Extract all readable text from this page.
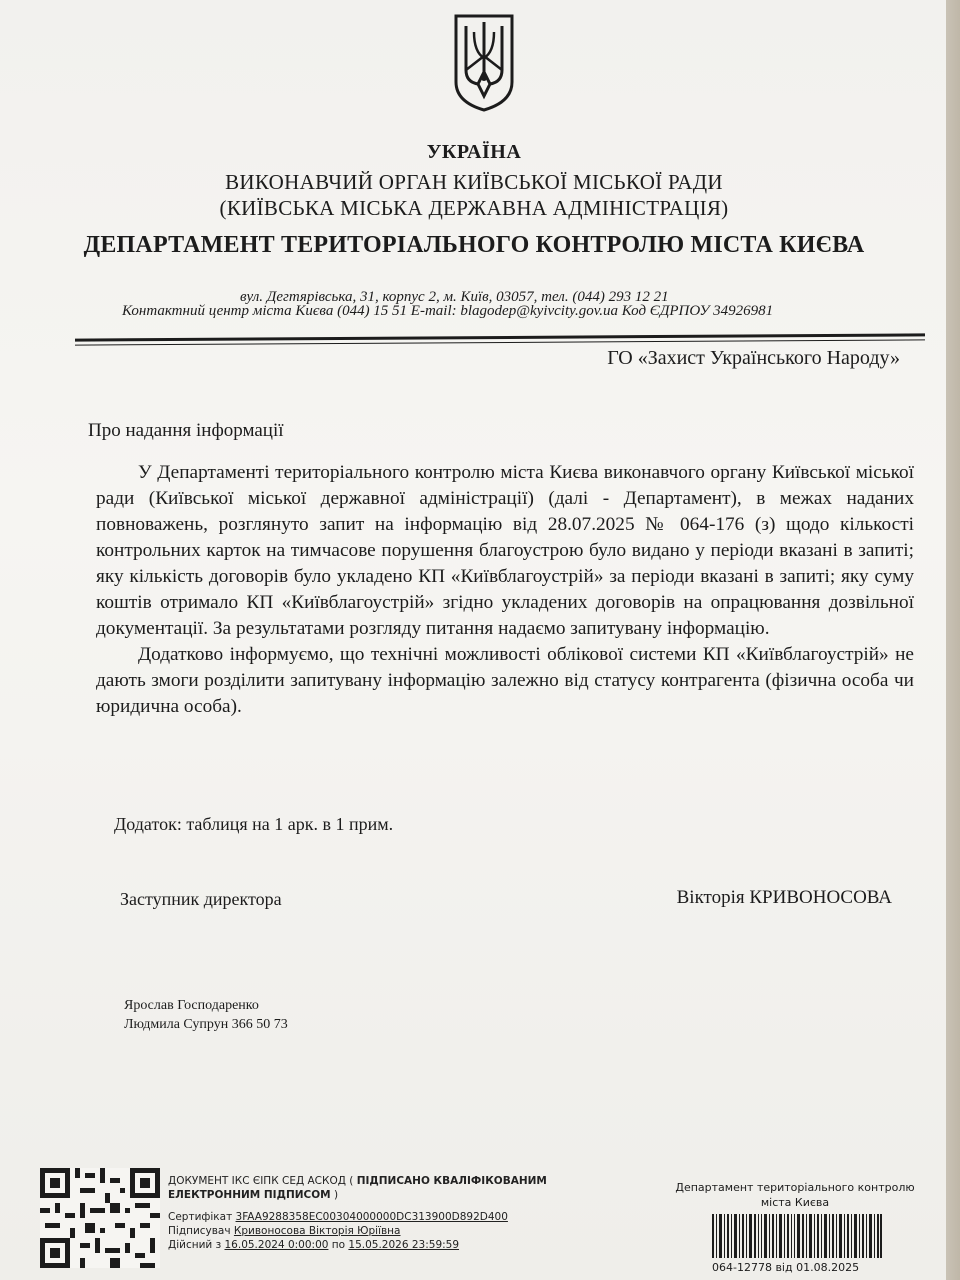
УКРАЇНА
ВИКОНАВЧИЙ ОРГАН КИЇВСЬКОЇ МІСЬКОЇ РАДИ
(КИЇВСЬКА МІСЬКА ДЕРЖАВНА АДМІНІСТРАЦІЯ)
ДЕПАРТАМЕНТ ТЕРИТОРІАЛЬНОГО КОНТРОЛЮ МІСТА КИЄВА
вул. Дегтярівська, 31, корпус 2, м. Київ, 03057, тел. (044) 293 12 21
Контактний центр міста Києва (044) 15 51 E-mail: blagodep@kyivcity.gov.ua Код ЄДРПОУ 34926981
ГО «Захист Українського Народу»
Про надання інформації

У Департаменті територіального контролю міста Києва виконавчого органу Київської міської ради (Київської міської державної адміністрації) (далі - Департамент), в межах наданих повноважень, розглянуто запит на інформацію від 28.07.2025 № 064-176 (з) щодо кількості контрольних карток на тимчасове порушення благоустрою було видано у періоди вказані в запиті; яку кількість договорів було укладено КП «Київблагоустрій» за періоди вказані в запиті; яку суму коштів отримало КП «Київблагоустрій» згідно укладених договорів на опрацювання дозвільної документації. За результатами розгляду питання надаємо запитувану інформацію.

Додатково інформуємо, що технічні можливості облікової системи КП «Київблагоустрій» не дають змоги розділити запитувану інформацію залежно від статусу контрагента (фізична особа чи юридична особа).

Додаток: таблиця на 1 арк. в 1 прим.
Заступник директора	Вікторія КРИВОНОСОВА
Ярослав Господаренко
Людмила Супрун 366 50 73
ДОКУМЕНТ ІКС ЄІПК СЕД АСКОД ( ПІДПИСАНО КВАЛІФІКОВАНИМ
ЕЛЕКТРОННИМ ПІДПИСОМ )
Сертифікат 3FAA9288358EC00304000000DC313900D892D400
Підписувач Кривоносова Вікторія Юріївна
Дійсний з 16.05.2024 0:00:00 по 15.05.2026 23:59:59
Департамент територіального контролю міста Києва
064-12778 від 01.08.2025
